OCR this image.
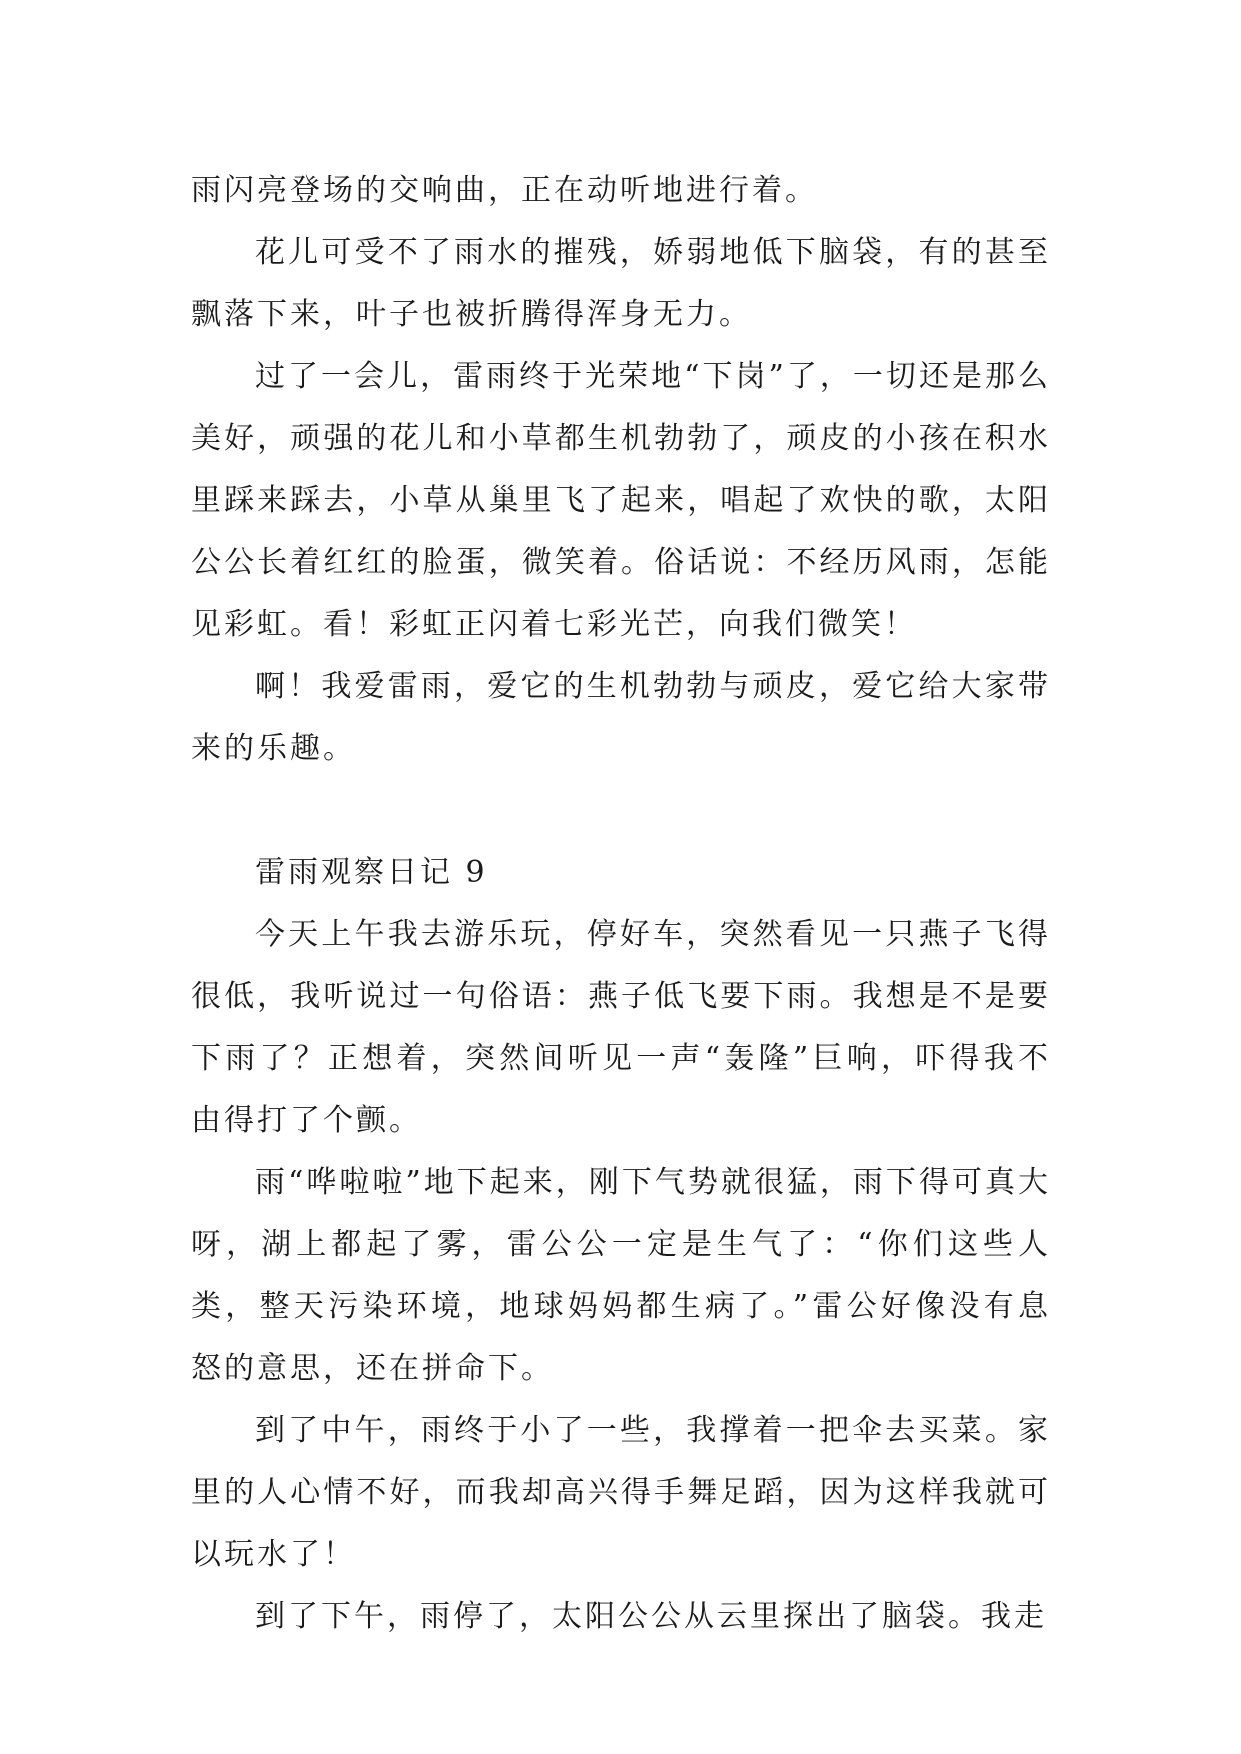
雨闪亮登场的交响曲，正在动听地进行着。

花儿可受不了雨水的摧残，娇弱地低下脑袋，有的甚至飘落下来，叶子也被折腾得浑身无力。

过了一会儿，雷雨终于光荣地“下岗”了，一切还是那么美好，顽强的花儿和小草都生机勃勃了，顽皮的小孩在积水里踩来踩去，小草从巢里飞了起来，唱起了欢快的歌，太阳公公长着红红的脸蛋，微笑着。俗话说：不经历风雨，怎能见彩虹。看！彩虹正闪着七彩光芒，向我们微笑！

啊！我爱雷雨，爱它的生机勃勃与顽皮，爱它给大家带来的乐趣。

雷雨观察日记 9

今天上午我去游乐玩，停好车，突然看见一只燕子飞得很低，我听说过一句俗语：燕子低飞要下雨。我想是不是要下雨了？正想着，突然间听见一声“轰隆”巨响，吓得我不由得打了个颤。

雨“哗啦啦”地下起来，刚下气势就很猛，雨下得可真大呀，湖上都起了雾，雷公公一定是生气了：“你们这些人类，整天污染环境，地球妈妈都生病了。”雷公好像没有息怒的意思，还在拼命下。

到了中午，雨终于小了一些，我撑着一把伞去买菜。家里的人心情不好，而我却高兴得手舞足蹈，因为这样我就可以玩水了！

到了下午，雨停了，太阳公公从云里探出了脑袋。我走
